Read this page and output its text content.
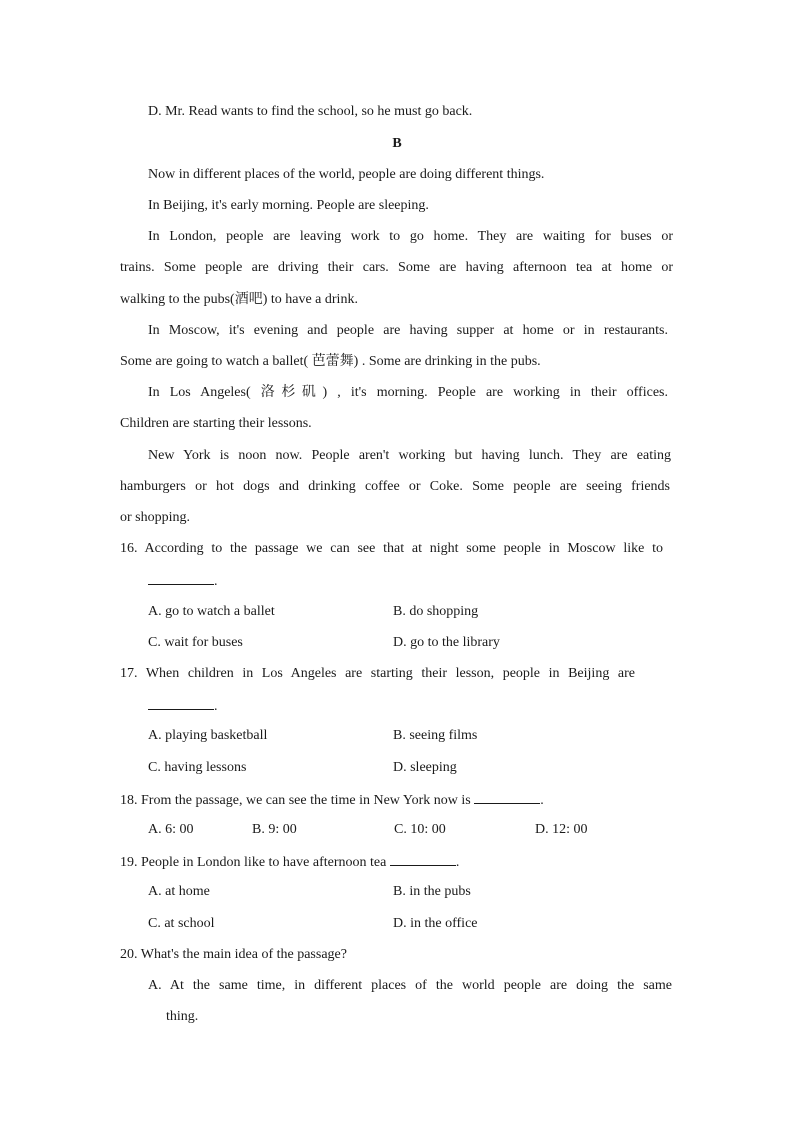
D. Mr. Read wants to find the school, so he must go back.
B
Now in different places of the world, people are doing different things.
In Beijing, it's early morning. People are sleeping.
In London, people are leaving work to go home. They are waiting for buses or
trains. Some people are driving their cars. Some are having afternoon tea at home or
walking to the pubs(酒吧) to have a drink.
In Moscow, it's evening and people are having supper at home or in restaurants.
Some are going to watch a ballet( 芭蕾舞) . Some are drinking in the pubs.
In Los Angeles( 洛杉矶) , it's morning. People are working in their offices.
Children are starting their lessons.
New York is noon now. People aren't working but having lunch. They are eating
hamburgers or hot dogs and drinking coffee or Coke. Some people are seeing friends
or shopping.
16. According to the passage we can see that at night some people in Moscow like to
.
A. go to watch a ballet	B. do shopping
C. wait for buses	D. go to the library
17. When children in Los Angeles are starting their lesson, people in Beijing are
.
A. playing basketball	B. seeing films
C. having lessons	D. sleeping
18. From the passage, we can see the time in New York now is	.
A. 6: 00	B. 9: 00	C. 10: 00	D. 12: 00
19. People in London like to have afternoon tea	.
A. at home	B. in the pubs
C. at school	D. in the office
20. What's the main idea of the passage?
A. At the same time, in different places of the world people are doing the same
thing.
